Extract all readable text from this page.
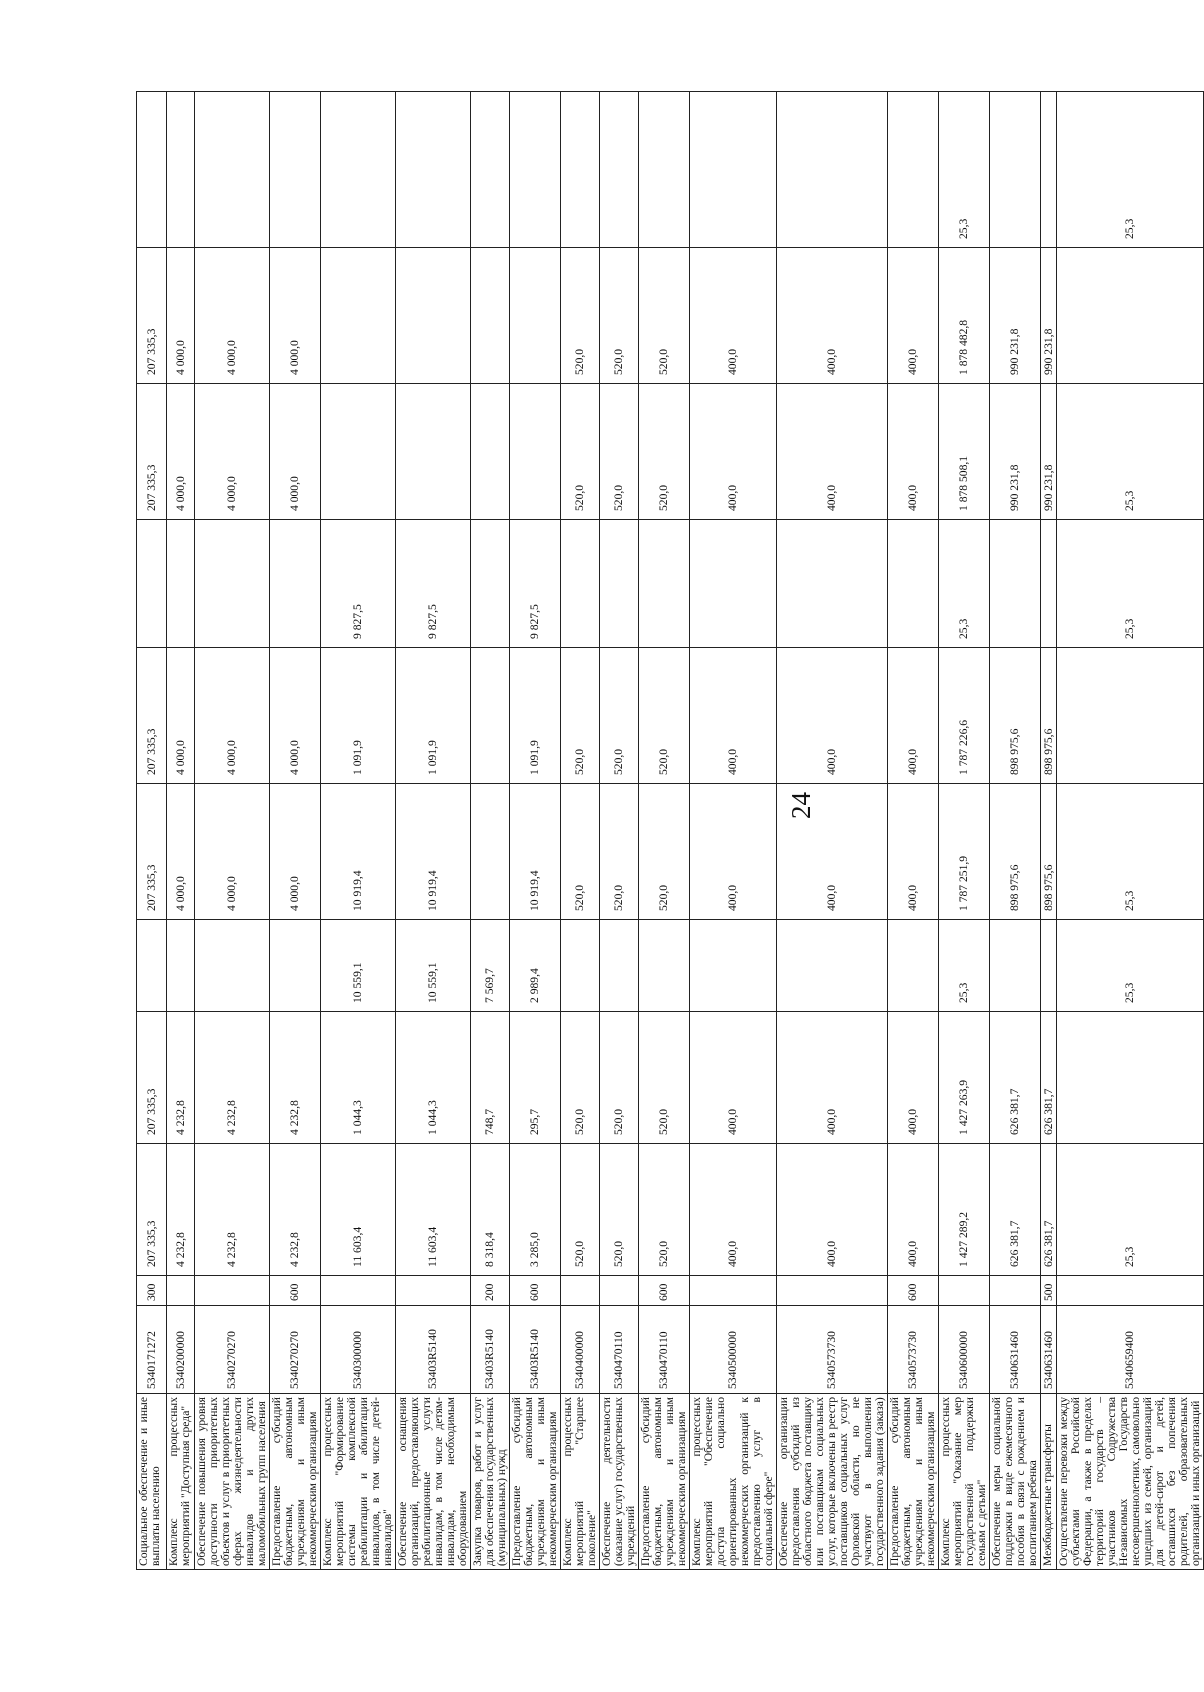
24
Социальное обеспечение и иные выплаты населению	5340171272	300	207 335,3	207 335,3		207 335,3	207 335,3		207 335,3	207 335,3	
Комплекс процессных мероприятий "Доступная среда"	5340200000		4 232,8	4 232,8		4 000,0	4 000,0		4 000,0	4 000,0	
Обеспечение повышения уровня доступности приоритетных объектов и услуг в приоритетных сферах жизнедеятельности инвалидов и других маломобильных групп населения	5340270270		4 232,8	4 232,8		4 000,0	4 000,0		4 000,0	4 000,0	
Предоставление субсидий бюджетным, автономным учреждениям и иным некоммерческим организациям	5340270270	600	4 232,8	4 232,8		4 000,0	4 000,0		4 000,0	4 000,0	
Комплекс процессных мероприятий "Формирование системы комплексной реабилитации и абилитации инвалидов, в том числе детей-инвалидов"	5340300000		11 603,4	1 044,3	10 559,1	10 919,4	1 091,9	9 827,5			
Обеспечение оснащения организаций, предоставляющих реабилитационные услуги инвалидам, в том числе детям-инвалидам, необходимым оборудованием	53403R5140		11 603,4	1 044,3	10 559,1	10 919,4	1 091,9	9 827,5			
Закупка товаров, работ и услуг для обеспечения государственных (муниципальных) нужд	53403R5140	200	8 318,4	748,7	7 569,7						
Предоставление субсидий бюджетным, автономным учреждениям и иным некоммерческим организациям	53403R5140	600	3 285,0	295,7	2 989,4	10 919,4	1 091,9	9 827,5			
Комплекс процессных мероприятий "Старшее поколение"	5340400000		520,0	520,0		520,0	520,0		520,0	520,0	
Обеспечение деятельности (оказание услуг) государственных учреждений	5340470110		520,0	520,0		520,0	520,0		520,0	520,0	
Предоставление субсидий бюджетным, автономным учреждениям и иным некоммерческим организациям	5340470110	600	520,0	520,0		520,0	520,0		520,0	520,0	
Комплекс процессных мероприятий "Обеспечение доступа социально ориентированных некоммерческих организаций к предоставлению услуг в социальной сфере"	5340500000		400,0	400,0		400,0	400,0		400,0	400,0	
Обеспечение организации предоставления субсидий из областного бюджета поставщику или поставщикам социальных услуг, которые включены в реестр поставщиков социальных услуг Орловской области, но не участвуют в выполнении государственного задания (заказа)	5340573730		400,0	400,0		400,0	400,0		400,0	400,0	
Предоставление субсидий бюджетным, автономным учреждениям и иным некоммерческим организациям	5340573730	600	400,0	400,0		400,0	400,0		400,0	400,0	
Комплекс процессных мероприятий "Оказание мер государственной поддержки семьям с детьми"	5340600000		1 427 289,2	1 427 263,9	25,3	1 787 251,9	1 787 226,6	25,3	1 878 508,1	1 878 482,8	25,3
Обеспечение меры социальной поддержки в виде ежемесячного пособия в связи с рождением и воспитанием ребенка	5340631460		626 381,7	626 381,7		898 975,6	898 975,6		990 231,8	990 231,8	
Межбюджетные трансферты	5340631460	500	626 381,7	626 381,7		898 975,6	898 975,6		990 231,8	990 231,8	
Осуществление перевозки между субъектами Российской Федерации, а также в пределах территорий государств – участников Содружества Независимых Государств несовершеннолетних, самовольно ушедших из семей, организаций для детей-сирот и детей, оставшихся без попечения родителей, образовательных организаций и иных организаций	5340659400		25,3		25,3	25,3		25,3	25,3		25,3
